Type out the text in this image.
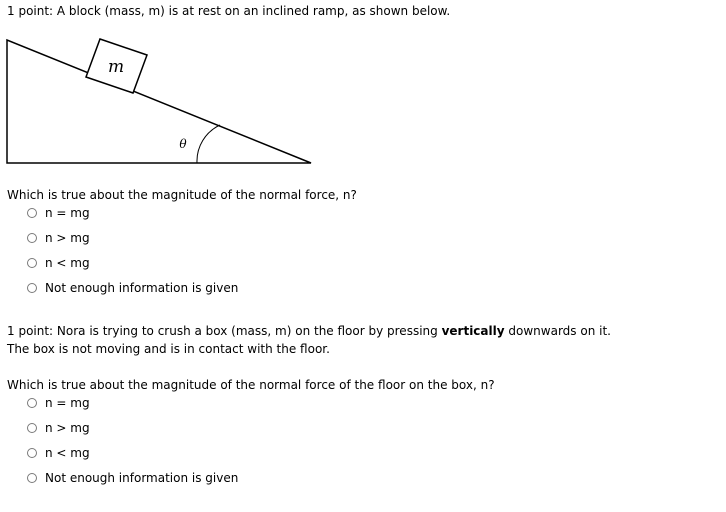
1 point: A block (mass, m) is at rest on an inclined ramp, as shown below.
m
θ
Which is true about the magnitude of the normal force, n?
n = mg
n > mg
n < mg
Not enough information is given
1 point: Nora is trying to crush a box (mass, m) on the floor by pressing vertically downwards on it.
The box is not moving and is in contact with the floor.
Which is true about the magnitude of the normal force of the floor on the box, n?
n = mg
n > mg
n < mg
Not enough information is given
